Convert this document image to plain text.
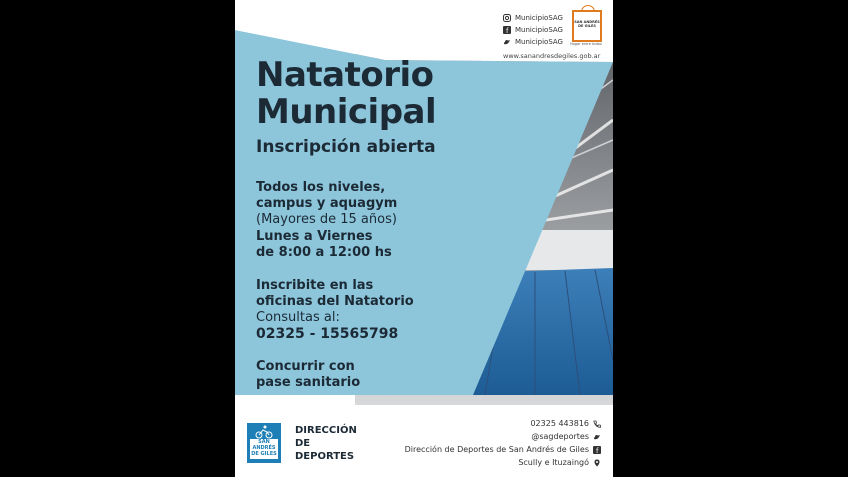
MunicipioSAG
f MunicipioSAG
MunicipioSAG
www.sanandresdegiles.gob.ar
SAN ANDRÉS DE GILES
Hogar entre todos
Natatorio
Municipal
Inscripción abierta
Todos los niveles,
campus y aquagym
(Mayores de 15 años)
Lunes a Viernes
de 8:00 a 12:00 hs
Inscribite en las
oficinas del Natatorio
Consultas al:
02325 - 15565798
Concurrir con
pase sanitario
SAN ANDRÉS DE GILES
DIRECCIÓN
DE
DEPORTES
02325 443816
@sagdeportes
Dirección de Deportes de San Andrés de Giles f
Scully e Ituzaingó
